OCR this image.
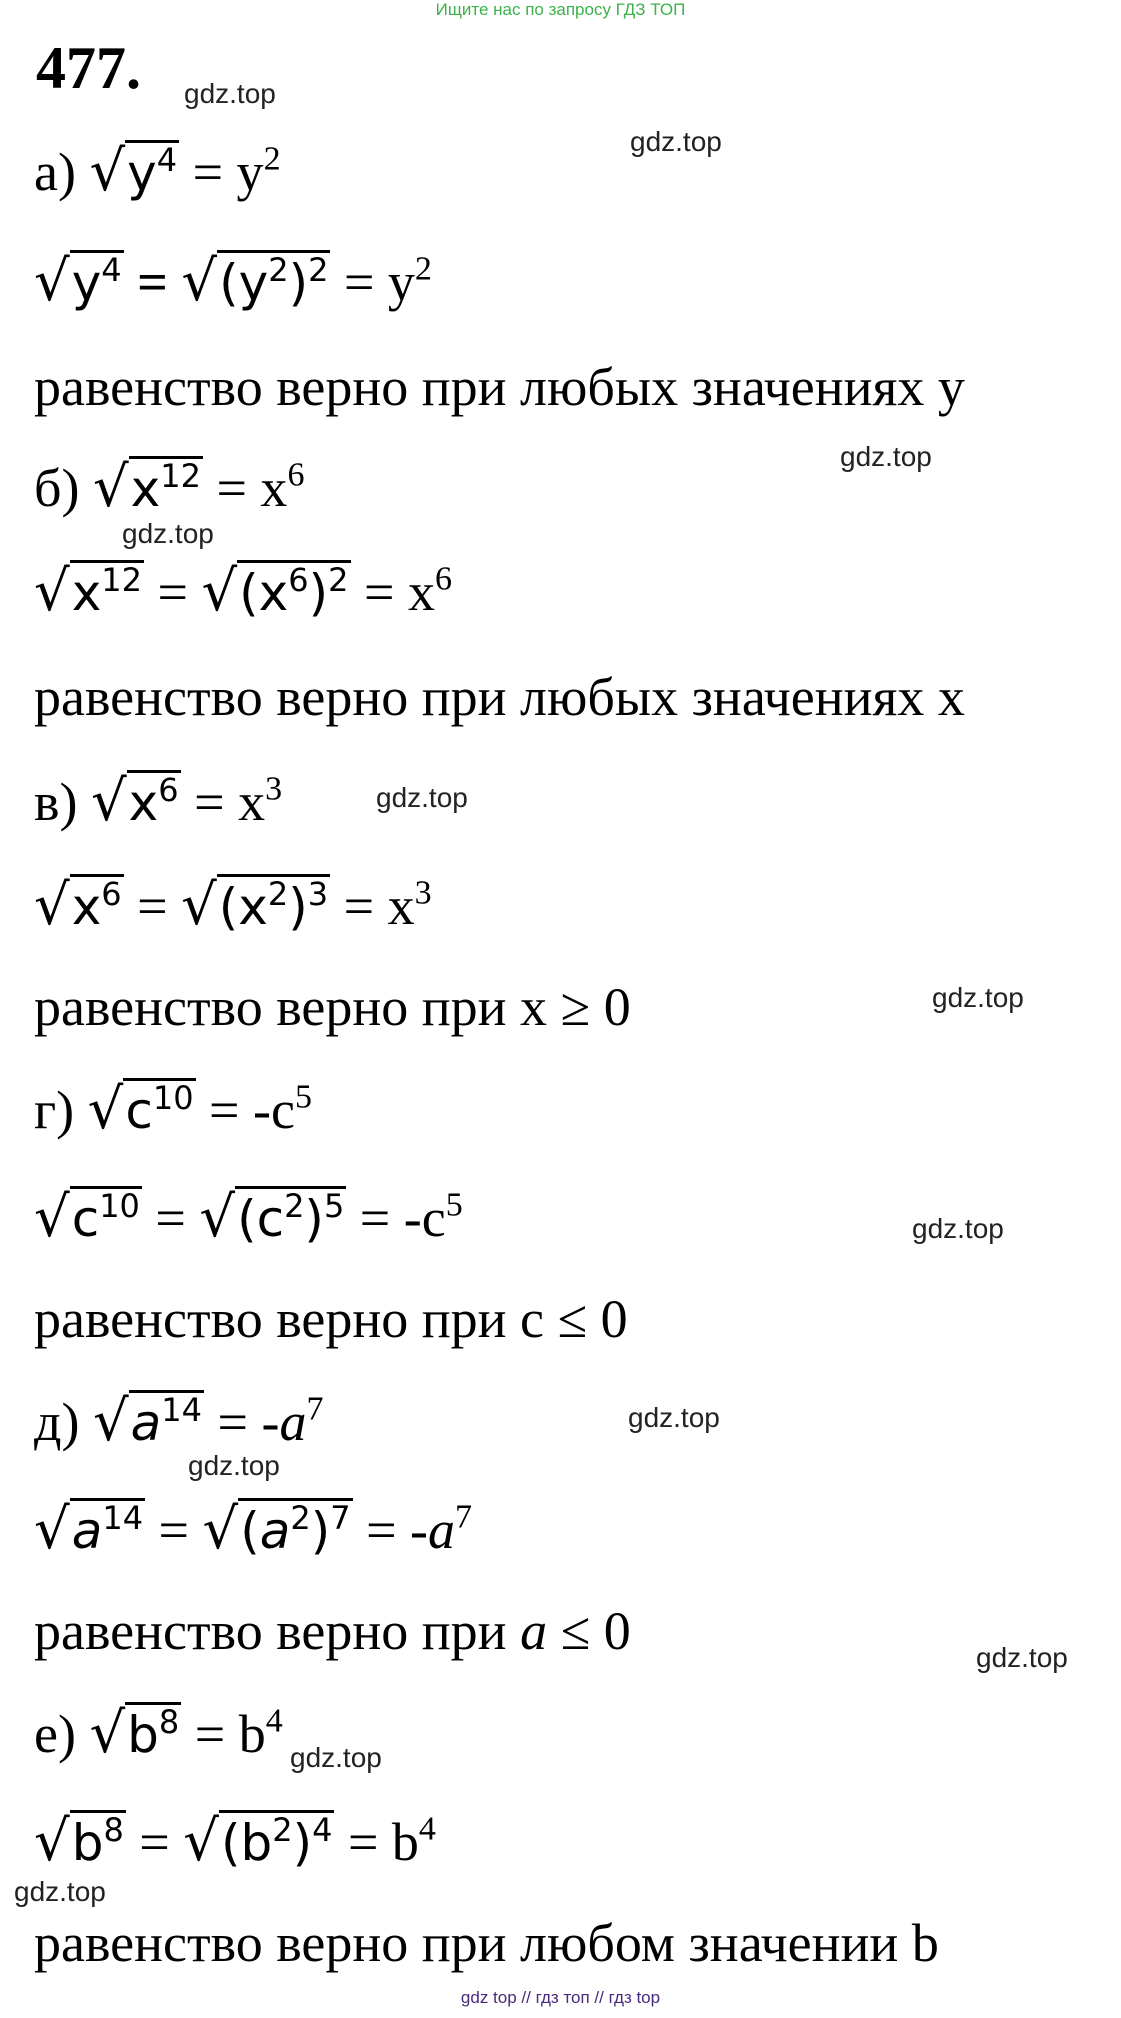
Ищите нас по запросу ГДЗ ТОП
477. gdz.top
gdz.top
gdz.top
gdz.top
gdz.top
gdz.top
gdz.top
gdz.top
gdz.top
gdz.top
gdz.top
gdz.top
а) $√y^4 = y^2$
$√y^4 = √(y^2)^2 = y^2$
равенство верно при любых значениях y
б) $√x^{12} = x^6$
$√x^{12} = √(x^6)^2 = x^6$
равенство верно при любых значениях x
в) $√x^6 = x^3$
$√x^6 = √(x^2)^3 = x^3$
равенство верно при x ≥ 0
г) $√c^{10} = -c^5$
$√c^{10} = √(c^2)^5 = -c^5$
равенство верно при c ≤ 0
д) $√a^{14} = -a^7$
$√a^{14} = √(a^2)^7 = -a^7$
равенство верно при a ≤ 0
е) $√b^8 = b^4$
$√b^8 = √(b^2)^4 = b^4$
равенство верно при любом значении b
gdz top // гдз топ // гдз top
